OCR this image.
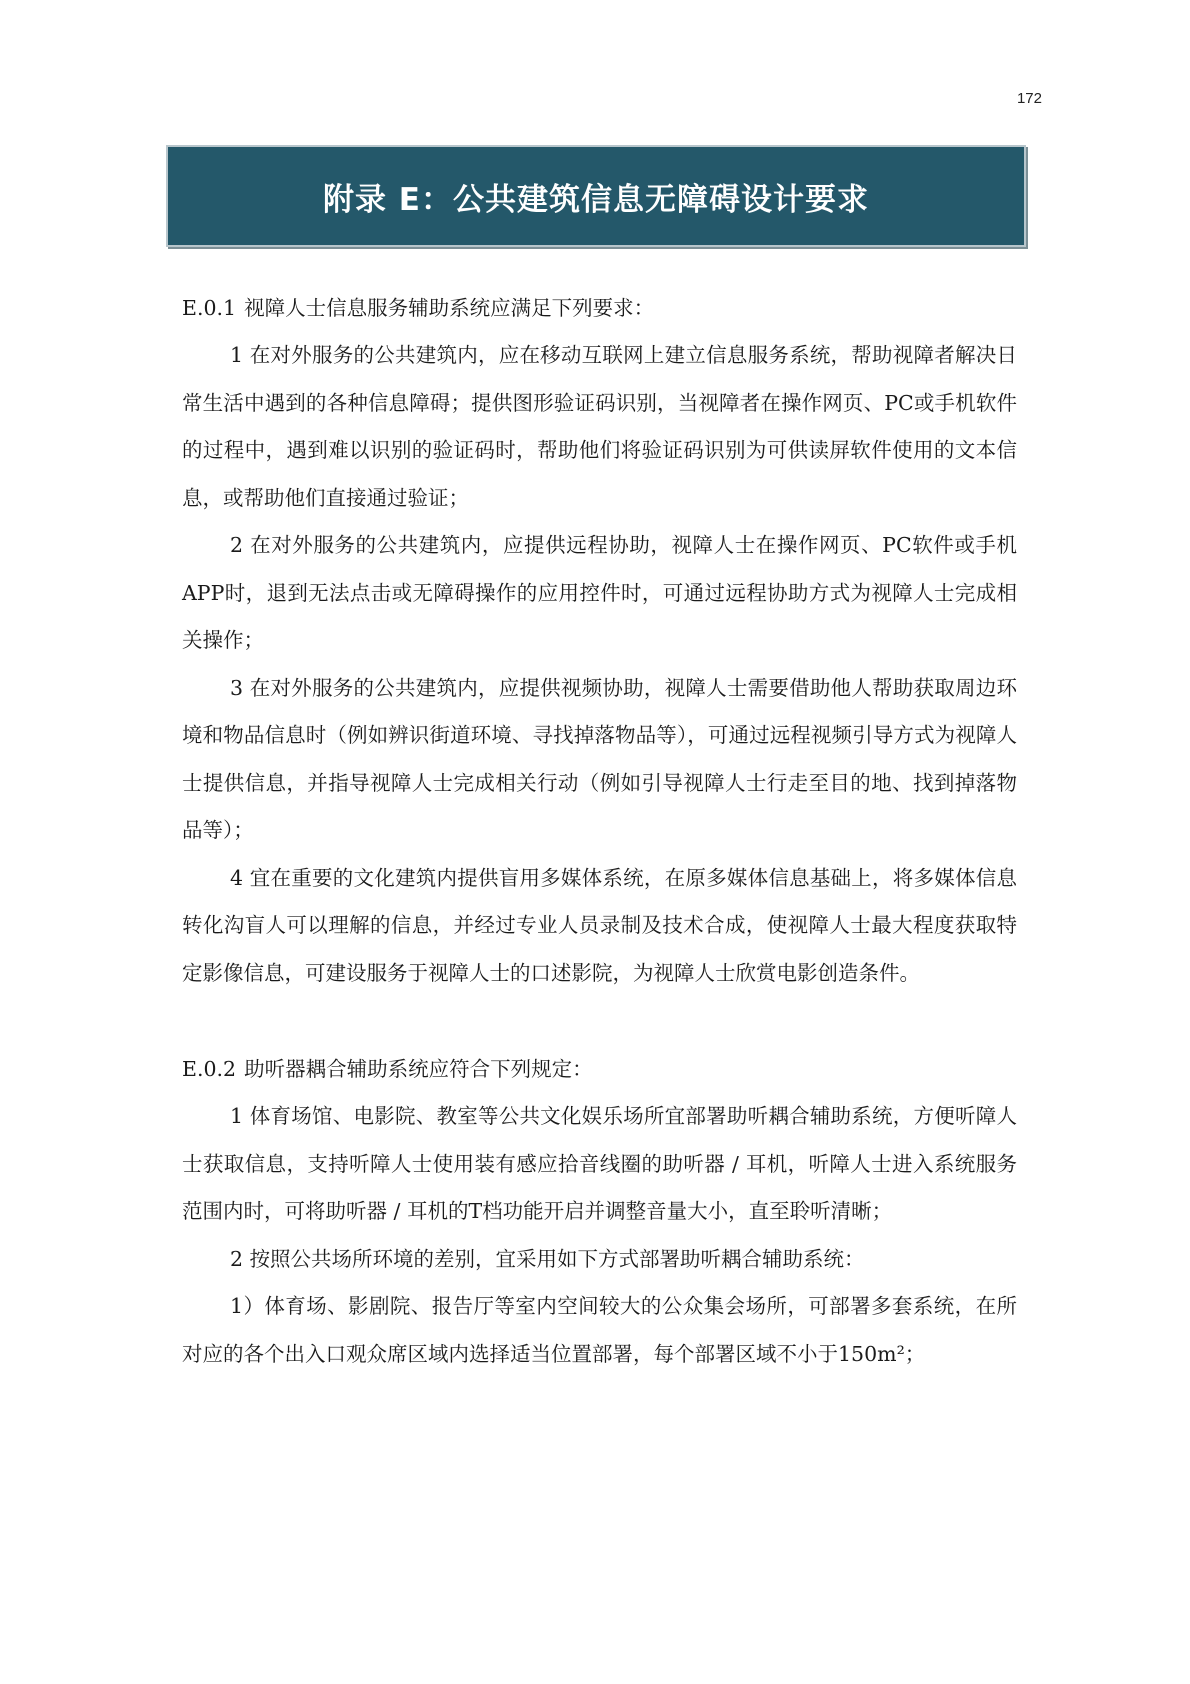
172
附录 E：公共建筑信息无障碍设计要求

E.0.1 视障人士信息服务辅助系统应满足下列要求：

1 在对外服务的公共建筑内，应在移动互联网上建立信息服务系统，帮助视障者解决日常生活中遇到的各种信息障碍；提供图形验证码识别，当视障者在操作网页、PC或手机软件的过程中，遇到难以识别的验证码时，帮助他们将验证码识别为可供读屏软件使用的文本信息，或帮助他们直接通过验证；

2 在对外服务的公共建筑内，应提供远程协助，视障人士在操作网页、PC软件或手机APP时，退到无法点击或无障碍操作的应用控件时，可通过远程协助方式为视障人士完成相关操作；

3 在对外服务的公共建筑内，应提供视频协助，视障人士需要借助他人帮助获取周边环境和物品信息时（例如辨识街道环境、寻找掉落物品等），可通过远程视频引导方式为视障人士提供信息，并指导视障人士完成相关行动（例如引导视障人士行走至目的地、找到掉落物品等）；

4 宜在重要的文化建筑内提供盲用多媒体系统，在原多媒体信息基础上，将多媒体信息转化沟盲人可以理解的信息，并经过专业人员录制及技术合成，使视障人士最大程度获取特定影像信息，可建设服务于视障人士的口述影院，为视障人士欣赏电影创造条件。

E.0.2 助听器耦合辅助系统应符合下列规定：

1 体育场馆、电影院、教室等公共文化娱乐场所宜部署助听耦合辅助系统，方便听障人士获取信息，支持听障人士使用装有感应拾音线圈的助听器 / 耳机，听障人士进入系统服务范围内时，可将助听器 / 耳机的T档功能开启并调整音量大小，直至聆听清晰；

2 按照公共场所环境的差别，宜采用如下方式部署助听耦合辅助系统：

1）体育场、影剧院、报告厅等室内空间较大的公众集会场所，可部署多套系统，在所对应的各个出入口观众席区域内选择适当位置部署，每个部署区域不小于150m²；
